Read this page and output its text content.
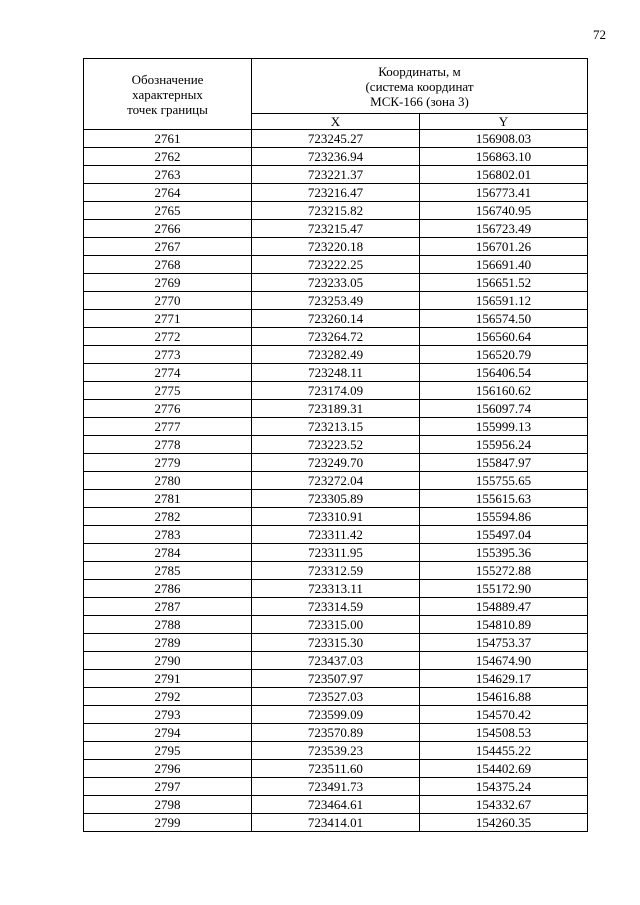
72
Обозначение
характерных
точек границы	Координаты, м
(система координат
МСК-166 (зона 3)	

	X	Y
2761	723245.27	156908.03
2762	723236.94	156863.10
2763	723221.37	156802.01
2764	723216.47	156773.41
2765	723215.82	156740.95
2766	723215.47	156723.49
2767	723220.18	156701.26
2768	723222.25	156691.40
2769	723233.05	156651.52
2770	723253.49	156591.12
2771	723260.14	156574.50
2772	723264.72	156560.64
2773	723282.49	156520.79
2774	723248.11	156406.54
2775	723174.09	156160.62
2776	723189.31	156097.74
2777	723213.15	155999.13
2778	723223.52	155956.24
2779	723249.70	155847.97
2780	723272.04	155755.65
2781	723305.89	155615.63
2782	723310.91	155594.86
2783	723311.42	155497.04
2784	723311.95	155395.36
2785	723312.59	155272.88
2786	723313.11	155172.90
2787	723314.59	154889.47
2788	723315.00	154810.89
2789	723315.30	154753.37
2790	723437.03	154674.90
2791	723507.97	154629.17
2792	723527.03	154616.88
2793	723599.09	154570.42
2794	723570.89	154508.53
2795	723539.23	154455.22
2796	723511.60	154402.69
2797	723491.73	154375.24
2798	723464.61	154332.67
2799	723414.01	154260.35
